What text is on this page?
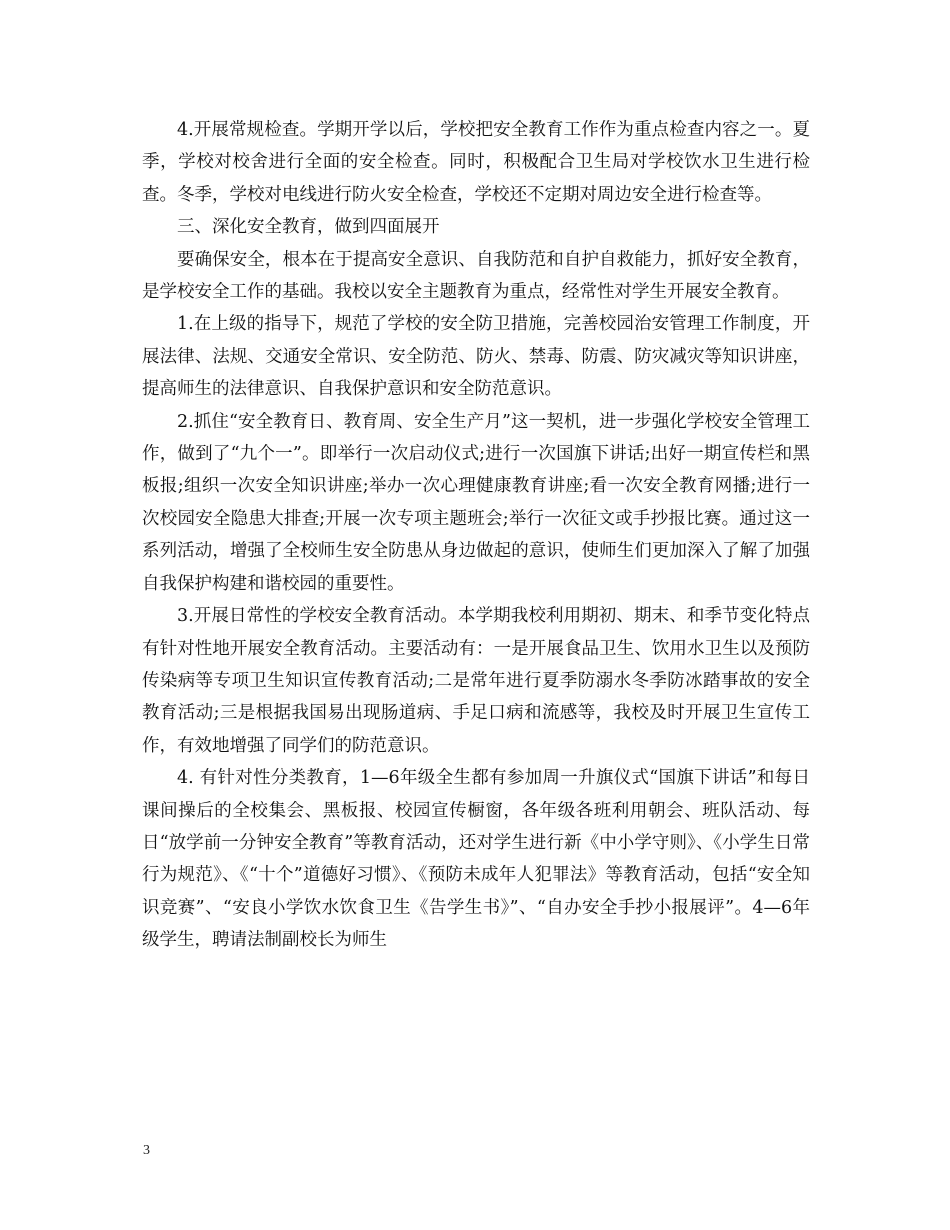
4.开展常规检查。学期开学以后，学校把安全教育工作作为重点检查内容之一。夏季，学校对校舍进行全面的安全检查。同时，积极配合卫生局对学校饮水卫生进行检查。冬季，学校对电线进行防火安全检查，学校还不定期对周边安全进行检查等。

三、深化安全教育，做到四面展开

要确保安全，根本在于提高安全意识、自我防范和自护自救能力，抓好安全教育，是学校安全工作的基础。我校以安全主题教育为重点，经常性对学生开展安全教育。

1.在上级的指导下，规范了学校的安全防卫措施，完善校园治安管理工作制度，开展法律、法规、交通安全常识、安全防范、防火、禁毒、防震、防灾减灾等知识讲座，提高师生的法律意识、自我保护意识和安全防范意识。

2.抓住“安全教育日、教育周、安全生产月”这一契机，进一步强化学校安全管理工作，做到了“九个一”。即举行一次启动仪式;进行一次国旗下讲话;出好一期宣传栏和黑板报;组织一次安全知识讲座;举办一次心理健康教育讲座;看一次安全教育网播;进行一次校园安全隐患大排查;开展一次专项主题班会;举行一次征文或手抄报比赛。通过这一系列活动，增强了全校师生安全防患从身边做起的意识，使师生们更加深入了解了加强自我保护构建和谐校园的重要性。

3.开展日常性的学校安全教育活动。本学期我校利用期初、期末、和季节变化特点有针对性地开展安全教育活动。主要活动有：一是开展食品卫生、饮用水卫生以及预防传染病等专项卫生知识宣传教育活动;二是常年进行夏季防溺水冬季防冰踏事故的安全教育活动;三是根据我国易出现肠道病、手足口病和流感等，我校及时开展卫生宣传工作，有效地增强了同学们的防范意识。

4. 有针对性分类教育，1—6年级全生都有参加周一升旗仪式“国旗下讲话”和每日课间操后的全校集会、黑板报、校园宣传橱窗，各年级各班利用朝会、班队活动、每日“放学前一分钟安全教育”等教育活动，还对学生进行新《中小学守则》、《小学生日常行为规范》、《“十个”道德好习惯》、《预防未成年人犯罪法》等教育活动，包括“安全知识竞赛”、“安良小学饮水饮食卫生《告学生书》”、“自办安全手抄小报展评”。4—6年级学生，聘请法制副校长为师生

3
